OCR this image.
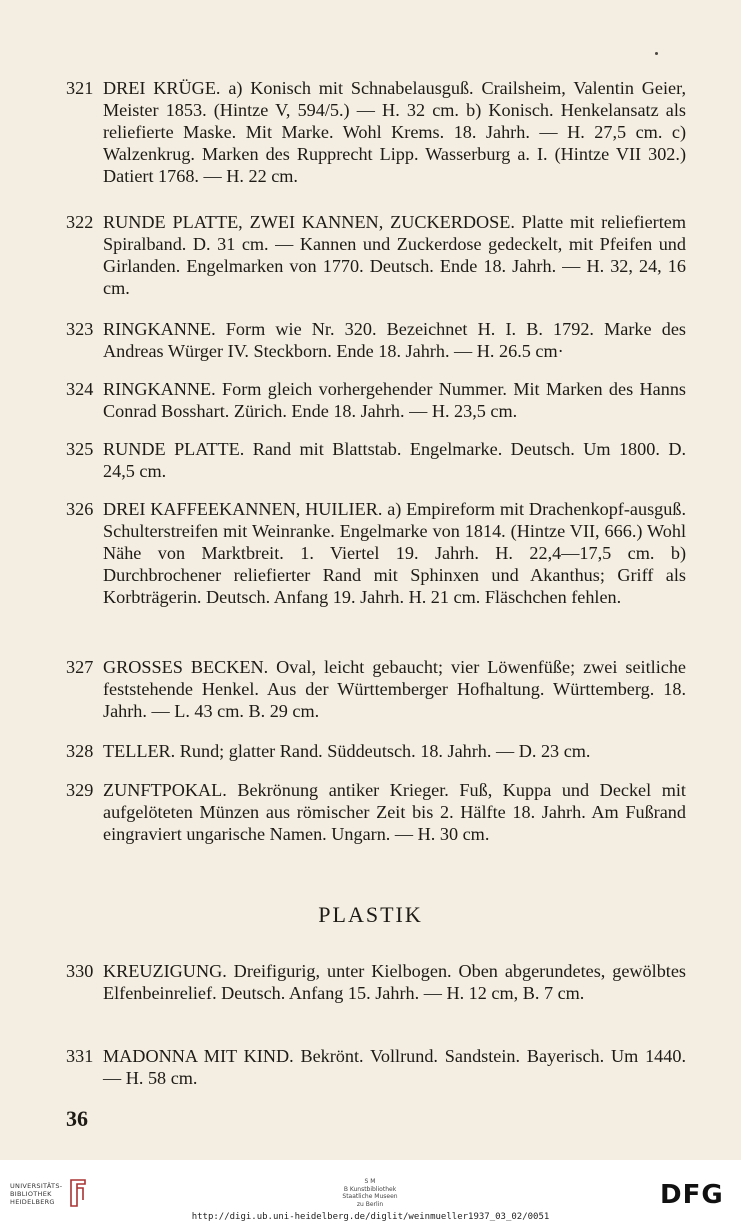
321 DREI KRÜGE. a) Konisch mit Schnabelausguß. Crailsheim, Valentin Geier, Meister 1853. (Hintze V, 594/5.) — H. 32 cm. b) Konisch. Henkelansatz als reliefierte Maske. Mit Marke. Wohl Krems. 18. Jahrh. — H. 27,5 cm. c) Walzenkrug. Marken des Rupprecht Lipp. Wasserburg a. I. (Hintze VII 302.) Datiert 1768. — H. 22 cm.
322 RUNDE PLATTE, ZWEI KANNEN, ZUCKERDOSE. Platte mit reliefiertem Spiralband. D. 31 cm. — Kannen und Zuckerdose gedeckelt, mit Pfeifen und Girlanden. Engelmarken von 1770. Deutsch. Ende 18. Jahrh. — H. 32, 24, 16 cm.
323 RINGKANNE. Form wie Nr. 320. Bezeichnet H. I. B. 1792. Marke des Andreas Würger IV. Steckborn. Ende 18. Jahrh. — H. 26.5 cm·
324 RINGKANNE. Form gleich vorhergehender Nummer. Mit Marken des Hanns Conrad Bosshart. Zürich. Ende 18. Jahrh. — H. 23,5 cm.
325 RUNDE PLATTE. Rand mit Blattstab. Engelmarke. Deutsch. Um 1800. D. 24,5 cm.
326 DREI KAFFEEKANNEN, HUILIER. a) Empireform mit Drachenkopf-ausguß. Schulterstreifen mit Weinranke. Engelmarke von 1814. (Hintze VII, 666.) Wohl Nähe von Marktbreit. 1. Viertel 19. Jahrh. H. 22,4—17,5 cm. b) Durchbrochener reliefierter Rand mit Sphinxen und Akanthus; Griff als Korbträgerin. Deutsch. Anfang 19. Jahrh. H. 21 cm. Fläschchen fehlen.
327 GROSSES BECKEN. Oval, leicht gebaucht; vier Löwenfüße; zwei seitliche feststehende Henkel. Aus der Württemberger Hofhaltung. Württemberg. 18. Jahrh. — L. 43 cm. B. 29 cm.
328 TELLER. Rund; glatter Rand. Süddeutsch. 18. Jahrh. — D. 23 cm.
329 ZUNFTPOKAL. Bekrönung antiker Krieger. Fuß, Kuppa und Deckel mit aufgelöteten Münzen aus römischer Zeit bis 2. Hälfte 18. Jahrh. Am Fußrand eingraviert ungarische Namen. Ungarn. — H. 30 cm.
PLASTIK
330 KREUZIGUNG. Dreifigurig, unter Kielbogen. Oben abgerundetes, gewölbtes Elfenbeinrelief. Deutsch. Anfang 15. Jahrh. — H. 12 cm, B. 7 cm.
331 MADONNA MIT KIND. Bekrönt. Vollrund. Sandstein. Bayerisch. Um 1440. — H. 58 cm.
36
UNIVERSITÄTS-
BIBLIOTHEK
HEIDELBERG
S M
B Kunstbibliothek
Staatliche Museen
zu Berlin	DFG
http://digi.ub.uni-heidelberg.de/diglit/weinmueller1937_03_02/0051
